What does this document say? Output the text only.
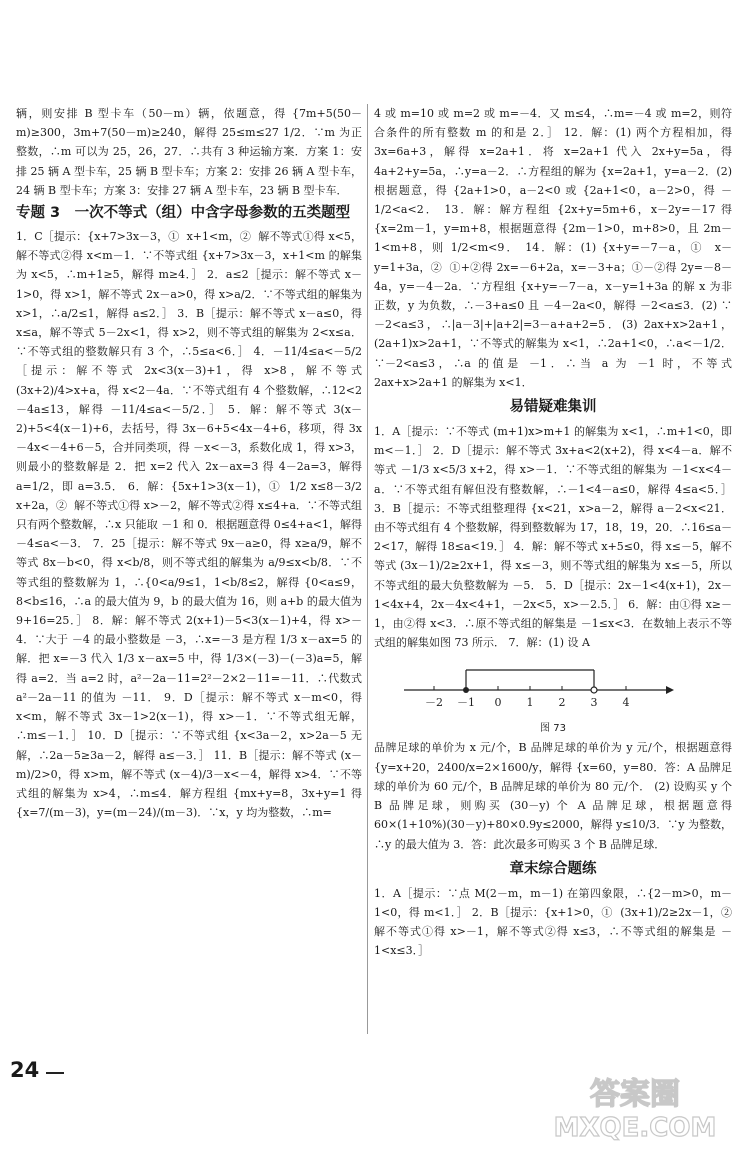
辆，则安排 B 型卡车（50－m）辆，依题意，得 {7m+5(50－m)≥300，3m+7(50－m)≥240，解得 25≤m≤27 1/2．∵m 为正整数，∴m 可以为 25，26，27．∴共有 3 种运输方案．方案 1：安排 25 辆 A 型卡车，25 辆 B 型卡车；方案 2：安排 26 辆 A 型卡车，24 辆 B 型卡车；方案 3：安排 27 辆 A 型卡车，23 辆 B 型卡车．

专题 3　一次不等式（组）中含字母参数的五类题型

1．C［提示：{x+7>3x－3，①  x+1<m，②  解不等式①得 x<5，解不等式②得 x<m－1．∵不等式组 {x+7>3x－3，x+1<m 的解集为 x<5，∴m+1≥5，解得 m≥4．］ 2．a≤2［提示：解不等式 x－1>0，得 x>1，解不等式 2x－a>0，得 x>a/2．∵不等式组的解集为 x>1，∴a/2≤1，解得 a≤2．］ 3．B［提示：解不等式 x－a≤0，得 x≤a，解不等式 5－2x<1，得 x>2，则不等式组的解集为 2<x≤a．∵不等式组的整数解只有 3 个，∴5≤a<6．］ 4．－11/4≤a<－5/2［提示：解不等式 2x<3(x－3)+1，得 x>8，解不等式 (3x+2)/4>x+a，得 x<2－4a．∵不等式组有 4 个整数解，∴12<2－4a≤13，解得 －11/4≤a<－5/2．］ 5．解：解不等式 3(x－2)+5<4(x－1)+6，去括号，得 3x－6+5<4x－4+6，移项，得 3x－4x<－4+6－5，合并同类项，得 －x<－3，系数化成 1，得 x>3，则最小的整数解是 2．把 x=2 代入 2x－ax=3 得 4－2a=3，解得 a=1/2，即 a=3.5． 6．解：{5x+1>3(x－1)，①  1/2 x≤8－3/2 x+2a，②  解不等式①得 x>－2，解不等式②得 x≤4+a．∵不等式组只有两个整数解，∴x 只能取 －1 和 0．根据题意得 0≤4+a<1，解得 －4≤a<－3． 7．25［提示：解不等式 9x－a≥0，得 x≥a/9，解不等式 8x－b<0，得 x<b/8，则不等式组的解集为 a/9≤x<b/8．∵不等式组的整数解为 1，∴{0<a/9≤1，1<b/8≤2，解得 {0<a≤9，8<b≤16，∴a 的最大值为 9，b 的最大值为 16，则 a+b 的最大值为 9+16=25．］ 8．解：解不等式 2(x+1)－5<3(x－1)+4，得 x>－4．∵大于 －4 的最小整数是 －3，∴x=－3 是方程 1/3 x－ax=5 的解．把 x=－3 代入 1/3 x－ax=5 中，得 1/3×(－3)－(－3)a=5，解得 a=2．当 a=2 时，a²－2a－11=2²－2×2－11=－11．∴代数式 a²－2a－11 的值为 －11． 9．D［提示：解不等式 x－m<0，得 x<m，解不等式 3x－1>2(x－1)，得 x>－1．∵不等式组无解，∴m≤－1．］ 10．D［提示：∵不等式组 {x<3a－2，x>2a－5 无解，∴2a－5≥3a－2，解得 a≤－3．］ 11．B［提示：解不等式 (x－m)/2>0，得 x>m，解不等式 (x－4)/3－x<－4，解得 x>4．∵不等式组的解集为 x>4，∴m≤4．解方程组 {mx+y=8，3x+y=1 得 {x=7/(m－3)，y=(m－24)/(m－3)．∵x，y 均为整数，∴m=

4 或 m=10 或 m=2 或 m=－4．又 m≤4，∴m=－4 或 m=2，则符合条件的所有整数 m 的和是 2．］ 12．解：(1) 两个方程相加，得 3x=6a+3，解得 x=2a+1．将 x=2a+1 代入 2x+y=5a，得 4a+2+y=5a，∴y=a－2．∴方程组的解为 {x=2a+1，y=a－2．(2) 根据题意，得 {2a+1>0，a－2<0 或 {2a+1<0，a－2>0，得 －1/2<a<2． 13．解：解方程组 {2x+y=5m+6，x－2y=－17 得 {x=2m－1，y=m+8，根据题意得 {2m－1>0，m+8>0，且 2m－1<m+8，则 1/2<m<9． 14．解：(1) {x+y=－7－a，①  x－y=1+3a，②  ①+②得 2x=－6+2a，x=－3+a；①－②得 2y=－8－4a，y=－4－2a．∵方程组 {x+y=－7－a，x－y=1+3a 的解 x 为非正数，y 为负数，∴－3+a≤0 且 －4－2a<0，解得 －2<a≤3．(2) ∵－2<a≤3，∴|a－3|+|a+2|=3－a+a+2=5．(3) 2ax+x>2a+1，(2a+1)x>2a+1，∵不等式的解集为 x<1，∴2a+1<0，∴a<－1/2．∵－2<a≤3，∴a 的值是 －1．∴当 a 为 －1 时，不等式 2ax+x>2a+1 的解集为 x<1．

易错疑难集训

1．A［提示：∵不等式 (m+1)x>m+1 的解集为 x<1，∴m+1<0，即 m<－1．］ 2．D［提示：解不等式 3x+a<2(x+2)，得 x<4－a．解不等式 －1/3 x<5/3 x+2，得 x>－1．∵不等式组的解集为 －1<x<4－a．∵不等式组有解但没有整数解，∴－1<4－a≤0，解得 4≤a<5．］ 3．B［提示：不等式组整理得 {x<21，x>a－2，解得 a－2<x<21．由不等式组有 4 个整数解，得到整数解为 17，18，19，20．∴16≤a－2<17，解得 18≤a<19．］ 4．解：解不等式 x+5≤0，得 x≤－5，解不等式 (3x－1)/2≥2x+1，得 x≤－3，则不等式组的解集为 x≤－5，所以不等式组的最大负整数解为 －5． 5．D［提示：2x－1<4(x+1)，2x－1<4x+4，2x－4x<4+1，－2x<5，x>－2.5．］ 6．解：由①得 x≥－1，由②得 x<3．∴原不等式组的解集是 －1≤x<3．在数轴上表示不等式组的解集如图 73 所示． 7．解：(1) 设 A

－2 －1 0 1 2 3 4
图 73

品牌足球的单价为 x 元/个，B 品牌足球的单价为 y 元/个，根据题意得 {y=x+20，2400/x=2×1600/y，解得 {x=60，y=80．答：A 品牌足球的单价为 60 元/个，B 品牌足球的单价为 80 元/个． (2) 设购买 y 个 B 品牌足球，则购买 (30－y) 个 A 品牌足球，根据题意得 60×(1+10%)(30－y)+80×0.9y≤2000，解得 y≤10/3．∵y 为整数，∴y 的最大值为 3．答：此次最多可购买 3 个 B 品牌足球．

章末综合题练

1．A［提示：∵点 M(2－m，m－1) 在第四象限，∴{2－m>0，m－1<0，得 m<1．］ 2．B［提示：{x+1>0，①  (3x+1)/2≥2x－1，②  解不等式①得 x>－1，解不等式②得 x≤3，∴不等式组的解集是 －1<x≤3．］

24
答案圈
MXQE.COM
